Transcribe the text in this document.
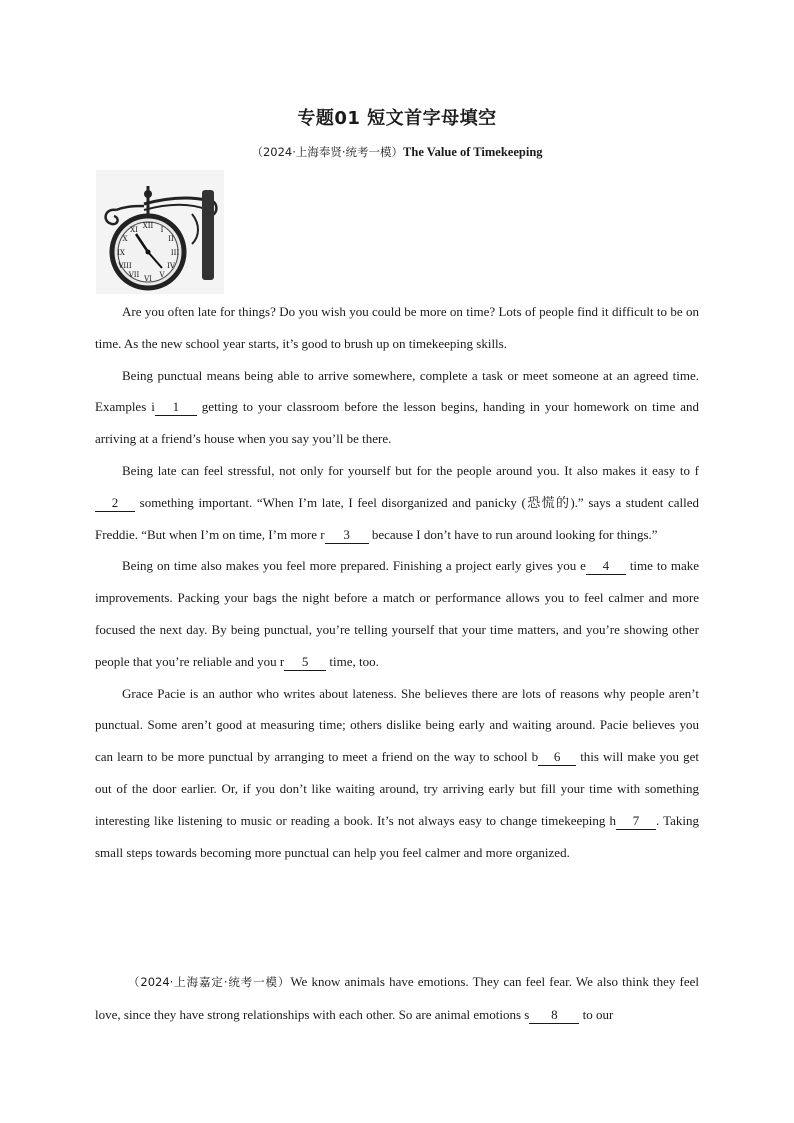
专题01 短文首字母填空
（2024·上海奉贤·统考一模）The Value of Timekeeping
XII I
II
III
IV
V
VI
VII
VIII
IX
X
XI

Are you often late for things? Do you wish you could be more on time? Lots of people find it difficult to be on time. As the new school year starts, it’s good to brush up on timekeeping skills.

Being punctual means being able to arrive somewhere, complete a task or meet someone at an agreed time. Examples i 1 getting to your classroom before the lesson begins, handing in your homework on time and arriving at a friend’s house when you say you’ll be there.

Being late can feel stressful, not only for yourself but for the people around you. It also makes it easy to f2 something important. “When I’m late, I feel disorganized and panicky (恐慌的).” says a student called Freddie. “But when I’m on time, I’m more r 3 because I don’t have to run around looking for things.”

Being on time also makes you feel more prepared. Finishing a project early gives you e 4 time to make improvements. Packing your bags the night before a match or performance allows you to feel calmer and more focused the next day. By being punctual, you’re telling yourself that your time matters, and you’re showing other people that you’re reliable and you r 5 time, too.

Grace Pacie is an author who writes about lateness. She believes there are lots of reasons why people aren’t punctual. Some aren’t good at measuring time; others dislike being early and waiting around. Pacie believes you can learn to be more punctual by arranging to meet a friend on the way to school b 6 this will make you get out of the door earlier. Or, if you don’t like waiting around, try arriving early but fill your time with something interesting like listening to music or reading a book. It’s not always easy to change timekeeping h 7 . Taking small steps towards becoming more punctual can help you feel calmer and more organized.

（2024·上海嘉定·统考一模）We know animals have emotions. They can feel fear. We also think they feel love, since they have strong relationships with each other. So are animal emotions s 8 to our
